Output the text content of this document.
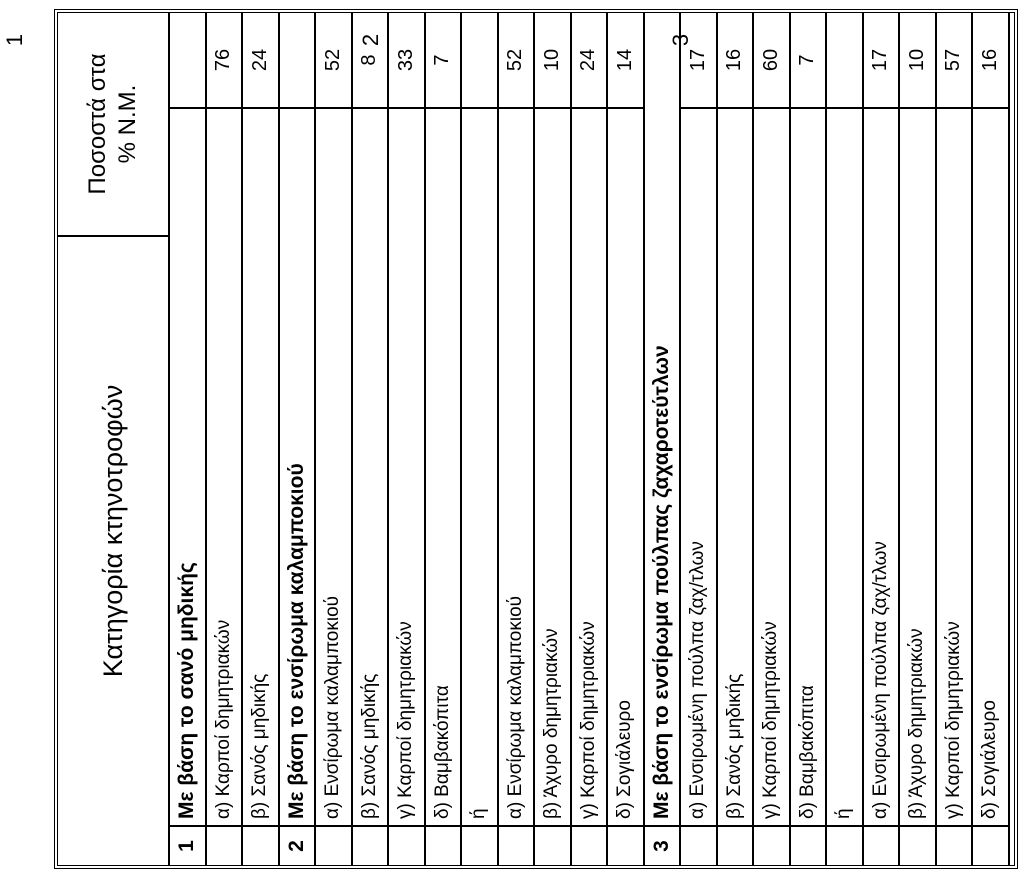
1	2	3
Κατηγορία κτηνοτροφών
Ποσοστά στα % Ν.Μ.
1
Με βάση το σανό μηδικής α) Καρποί δημητριακών
76
β) Σανός μηδικής
24
2
Με βάση το ενσίρωμα καλαμποκιού α) Ενσίρωμα καλαμποκιού
52
β) Σανός μηδικής
8
γ) Καρποί δημητριακών
33
δ) Βαμβακόπιτα
7
ή α) Ενσίρωμα καλαμποκιού
52
β) Άχυρο δημητριακών
10
γ) Καρποί δημητριακών
24
δ) Σογιάλευρο
14
3
Με βάση το ενσίρωμα πούλπας ζαχαροτεύτλων α) Ενσιρωμένη πούλπα ζαχ/τλων
17
β) Σανός μηδικής
16
γ) Καρποί δημητριακών
60
δ) Βαμβακόπιτα
7
ή α) Ενσιρωμένη πούλπα ζαχ/τλων
17
β) Άχυρο δημητριακών
10
γ) Καρποί δημητριακών
57
δ) Σογιάλευρο
16
